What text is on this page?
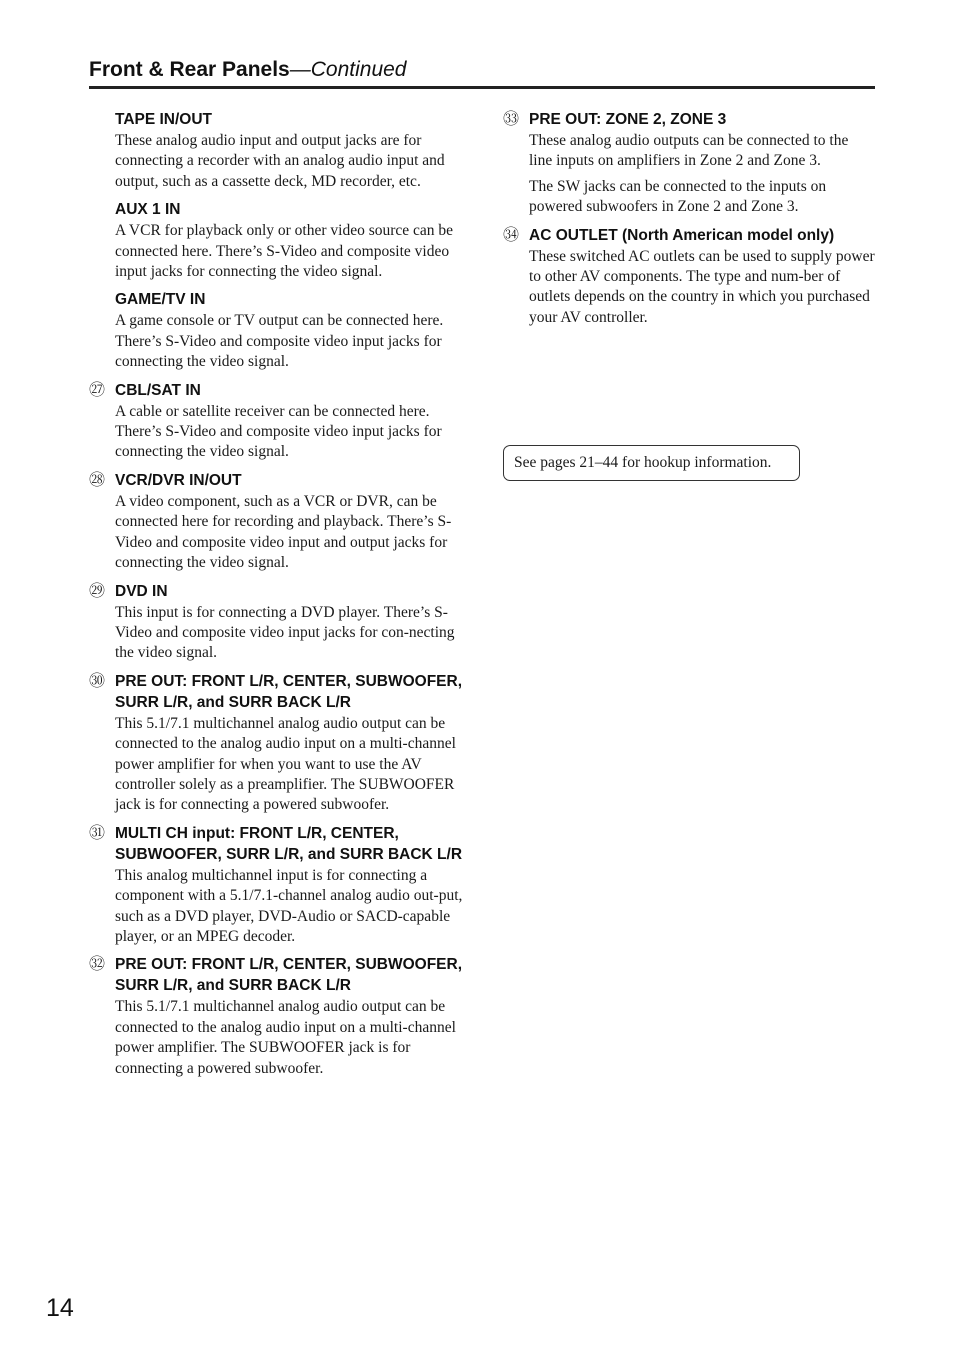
Front & Rear Panels—Continued
TAPE IN/OUT
These analog audio input and output jacks are for connecting a recorder with an analog audio input and output, such as a cassette deck, MD recorder, etc.
AUX 1 IN
A VCR for playback only or other video source can be connected here. There’s S-Video and composite video input jacks for connecting the video signal.
GAME/TV IN
A game console or TV output can be connected here. There’s S-Video and composite video input jacks for connecting the video signal.
㉗ CBL/SAT IN
A cable or satellite receiver can be connected here. There’s S-Video and composite video input jacks for connecting the video signal.
㉘ VCR/DVR IN/OUT
A video component, such as a VCR or DVR, can be connected here for recording and playback. There’s S-Video and composite video input and output jacks for connecting the video signal.
㉙ DVD IN
This input is for connecting a DVD player. There’s S-Video and composite video input jacks for con-necting the video signal.
㉚ PRE OUT: FRONT L/R, CENTER, SUBWOOFER, SURR L/R, and SURR BACK L/R
This 5.1/7.1 multichannel analog audio output can be connected to the analog audio input on a multi-channel power amplifier for when you want to use the AV controller solely as a preamplifier. The SUBWOOFER jack is for connecting a powered subwoofer.
㉛ MULTI CH input: FRONT L/R, CENTER, SUBWOOFER, SURR L/R, and SURR BACK L/R
This analog multichannel input is for connecting a component with a 5.1/7.1-channel analog audio out-put, such as a DVD player, DVD-Audio or SACD-capable player, or an MPEG decoder.
㉜ PRE OUT: FRONT L/R, CENTER, SUBWOOFER, SURR L/R, and SURR BACK L/R
This 5.1/7.1 multichannel analog audio output can be connected to the analog audio input on a multi-channel power amplifier. The SUBWOOFER jack is for connecting a powered subwoofer.
㉝ PRE OUT: ZONE 2, ZONE 3
These analog audio outputs can be connected to the line inputs on amplifiers in Zone 2 and Zone 3.
The SW jacks can be connected to the inputs on powered subwoofers in Zone 2 and Zone 3.
㉞ AC OUTLET (North American model only)
These switched AC outlets can be used to supply power to other AV components. The type and num-ber of outlets depends on the country in which you purchased your AV controller.
See pages 21–44 for hookup information.
14
